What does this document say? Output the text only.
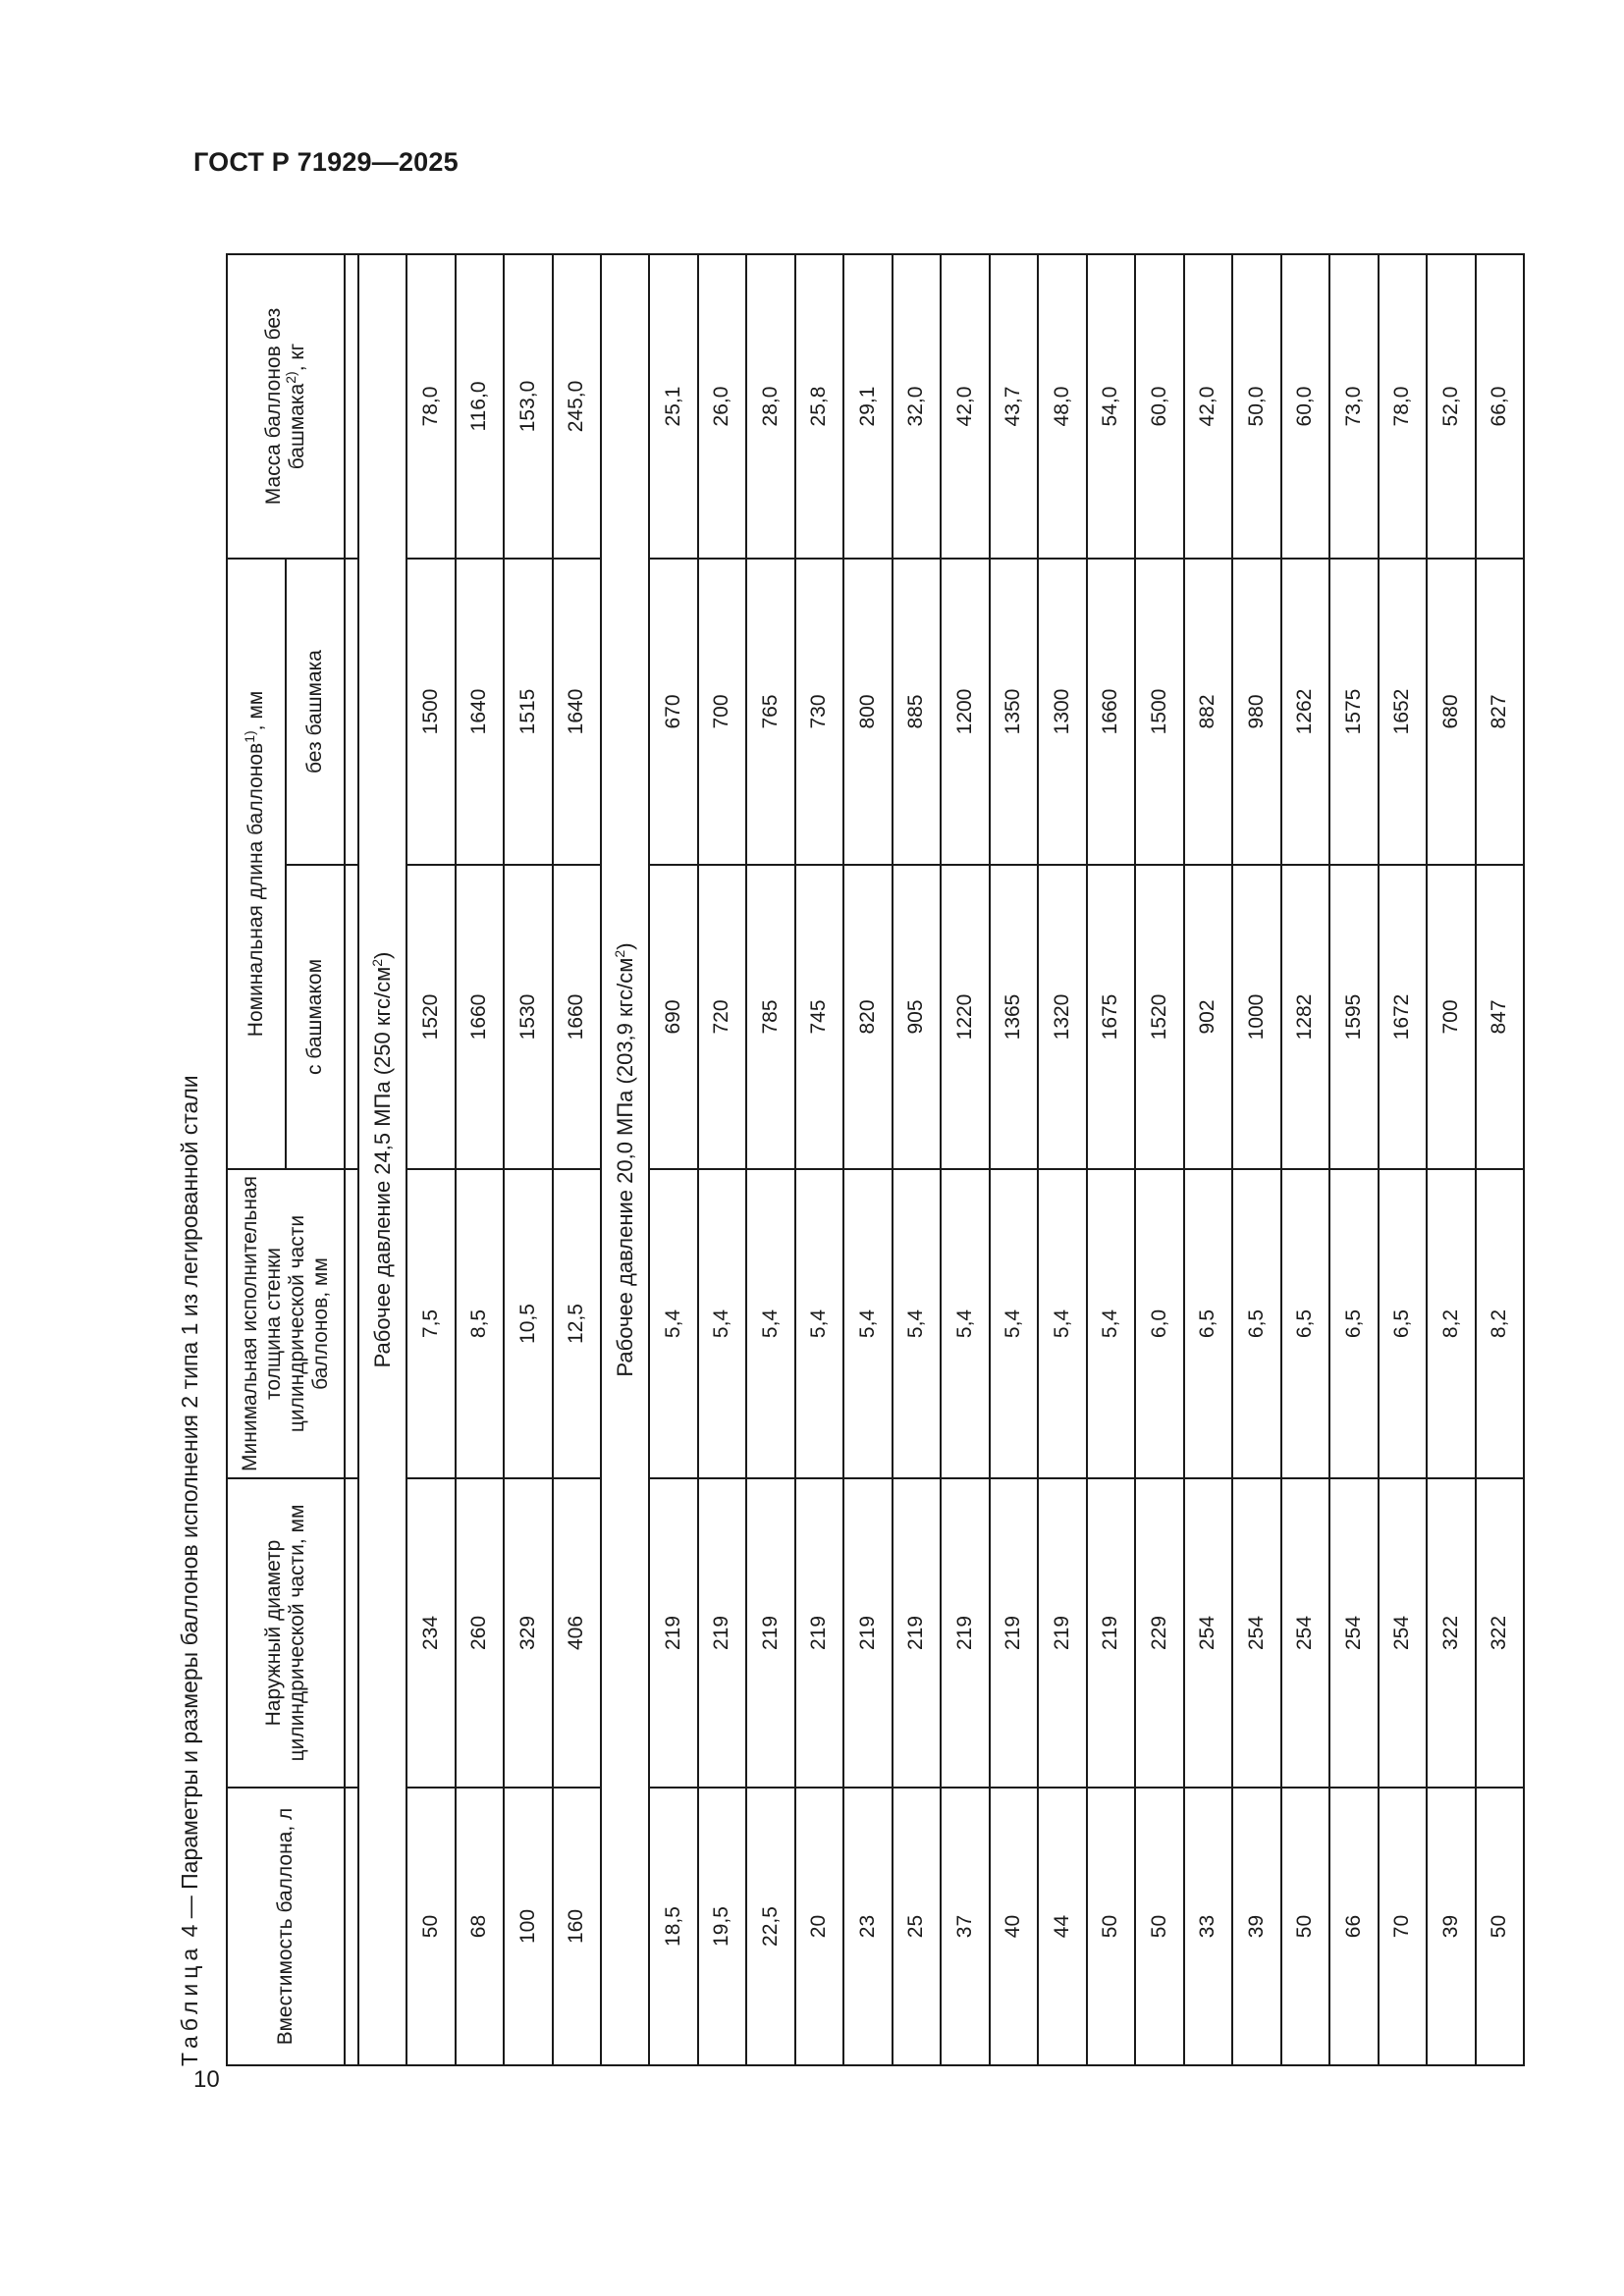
ГОСТ Р 71929—2025
10
Таблица 4 — Параметры и размеры баллонов исполнения 2 типа 1 из легированной стали	Вместимость баллона, л	Наружный диаметр цилиндрической части, мм	Минимальная исполнительная толщина стенки цилиндрической части баллонов, мм	Номинальная длина баллонов$^{1)}$, мм		Масса баллонов без башмака$^{2)}$, кг
			с башмаком	без башмака	

Рабочее давление 24,5 МПа (250 кгс/$см^2$)					
50	234	7,5	1520	1500	78,0
68	260	8,5	1660	1640	116,0
100	329	10,5	1530	1515	153,0
160	406	12,5	1660	1640	245,0
Рабочее давление 20,0 МПа (203,9 кгс/$см^2$)					
18,5	219	5,4	690	670	25,1
19,5	219	5,4	720	700	26,0
22,5	219	5,4	785	765	28,0
20	219	5,4	745	730	25,8
23	219	5,4	820	800	29,1
25	219	5,4	905	885	32,0
37	219	5,4	1220	1200	42,0
40	219	5,4	1365	1350	43,7
44	219	5,4	1320	1300	48,0
50	219	5,4	1675	1660	54,0
50	229	6,0	1520	1500	60,0
33	254	6,5	902	882	42,0
39	254	6,5	1000	980	50,0
50	254	6,5	1282	1262	60,0
66	254	6,5	1595	1575	73,0
70	254	6,5	1672	1652	78,0
39	322	8,2	700	680	52,0
50	322	8,2	847	827	66,0
